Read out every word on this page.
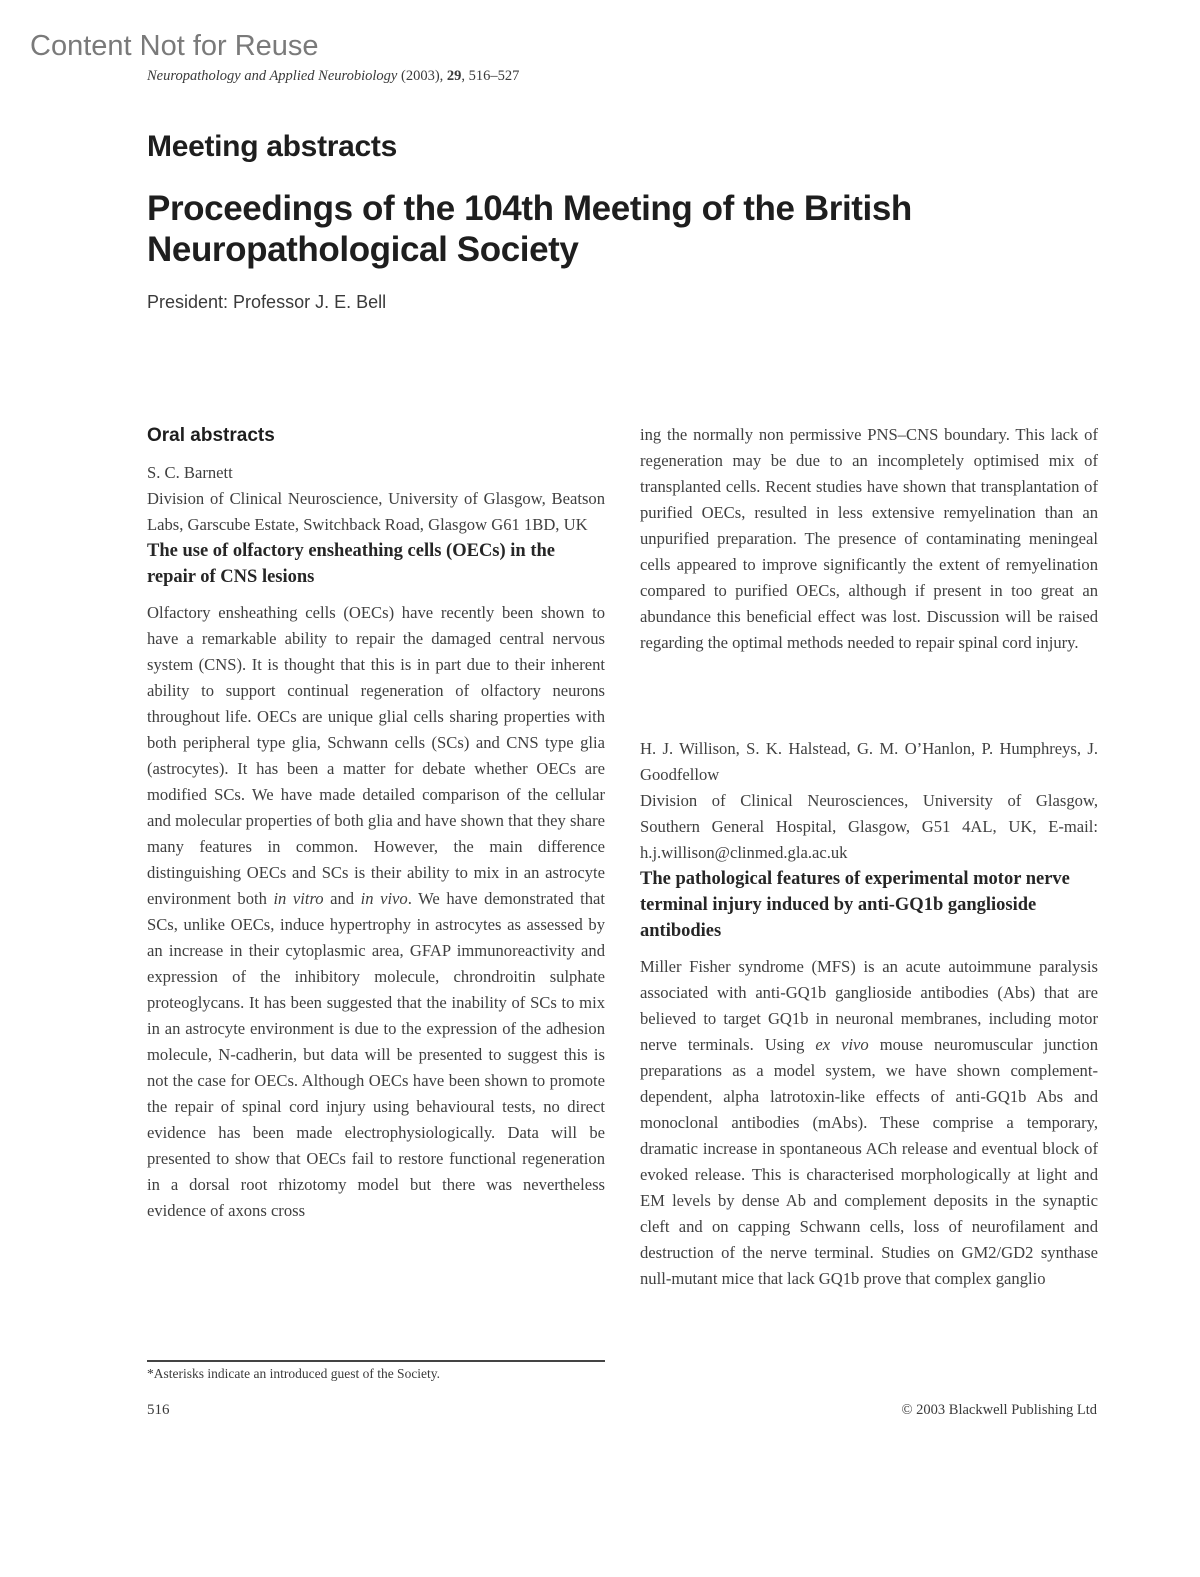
Content Not for Reuse
Neuropathology and Applied Neurobiology (2003), 29, 516–527
Meeting abstracts
Proceedings of the 104th Meeting of the British Neuropathological Society
President: Professor J. E. Bell
Oral abstracts

S. C. Barnett

Division of Clinical Neuroscience, University of Glasgow, Beatson Labs, Garscube Estate, Switchback Road, Glasgow G61 1BD, UK

The use of olfactory ensheathing cells (OECs) in the repair of CNS lesions

Olfactory ensheathing cells (OECs) have recently been shown to have a remarkable ability to repair the damaged central nervous system (CNS). It is thought that this is in part due to their inherent ability to support continual regeneration of olfactory neurons throughout life. OECs are unique glial cells sharing properties with both peripheral type glia, Schwann cells (SCs) and CNS type glia (astrocytes). It has been a matter for debate whether OECs are modified SCs. We have made detailed comparison of the cellular and molecular properties of both glia and have shown that they share many features in common. However, the main difference distinguishing OECs and SCs is their ability to mix in an astrocyte environment both in vitro and in vivo. We have demonstrated that SCs, unlike OECs, induce hypertrophy in astrocytes as assessed by an increase in their cytoplasmic area, GFAP immunoreactivity and expression of the inhibitory molecule, chrondroitin sulphate proteoglycans. It has been suggested that the inability of SCs to mix in an astrocyte environment is due to the expression of the adhesion molecule, N-cadherin, but data will be presented to suggest this is not the case for OECs. Although OECs have been shown to promote the repair of spinal cord injury using behavioural tests, no direct evidence has been made electrophysiologically. Data will be presented to show that OECs fail to restore functional regeneration in a dorsal root rhizotomy model but there was nevertheless evidence of axons cross

ing the normally non permissive PNS–CNS boundary. This lack of regeneration may be due to an incompletely optimised mix of transplanted cells. Recent studies have shown that transplantation of purified OECs, resulted in less extensive remyelination than an unpurified preparation. The presence of contaminating meningeal cells appeared to improve significantly the extent of remyelination compared to purified OECs, although if present in too great an abundance this beneficial effect was lost. Discussion will be raised regarding the optimal methods needed to repair spinal cord injury.

H. J. Willison, S. K. Halstead, G. M. O’Hanlon, P. Humphreys, J. Goodfellow

Division of Clinical Neurosciences, University of Glasgow, Southern General Hospital, Glasgow, G51 4AL, UK, E-mail: h.j.willison@clinmed.gla.ac.uk

The pathological features of experimental motor nerve terminal injury induced by anti-GQ1b ganglioside antibodies

Miller Fisher syndrome (MFS) is an acute autoimmune paralysis associated with anti-GQ1b ganglioside antibodies (Abs) that are believed to target GQ1b in neuronal membranes, including motor nerve terminals. Using ex vivo mouse neuromuscular junction preparations as a model system, we have shown complement-dependent, alpha latrotoxin-like effects of anti-GQ1b Abs and monoclonal antibodies (mAbs). These comprise a temporary, dramatic increase in spontaneous ACh release and eventual block of evoked release. This is characterised morphologically at light and EM levels by dense Ab and complement deposits in the synaptic cleft and on capping Schwann cells, loss of neurofilament and destruction of the nerve terminal. Studies on GM2/GD2 synthase null-mutant mice that lack GQ1b prove that complex ganglio

*Asterisks indicate an introduced guest of the Society.
516	© 2003 Blackwell Publishing Ltd
